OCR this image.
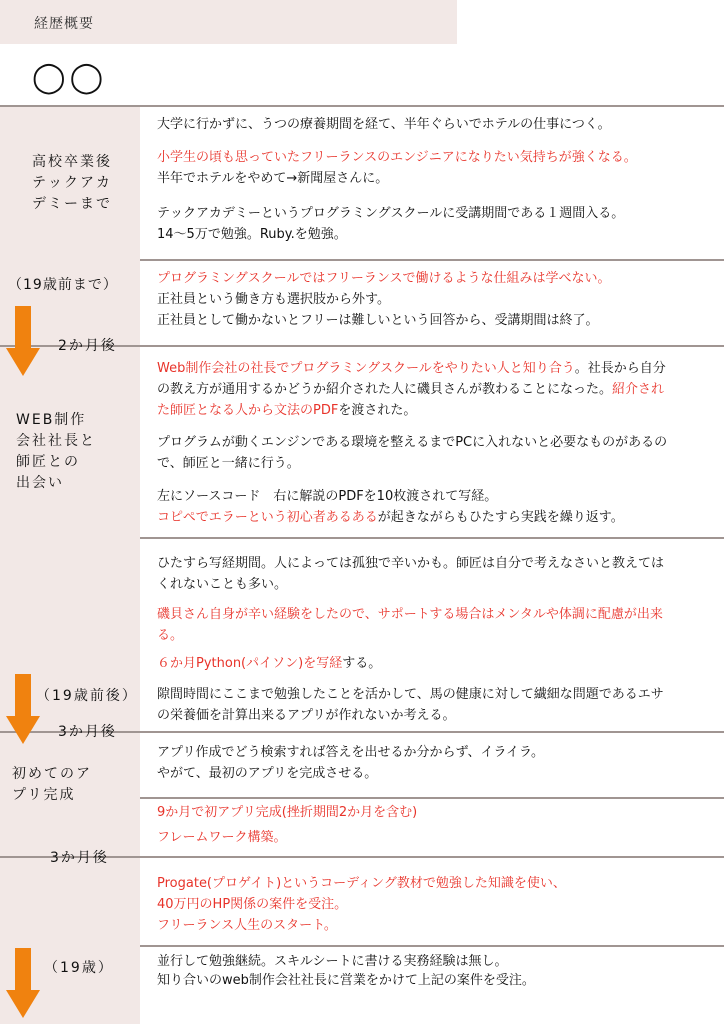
経歴概要
◯◯
高校卒業後
テックアカ
デミーまで
（19歳前まで）
2か月後
WEB制作
会社社長と
師匠との
出会い
（19歳前後）
3か月後
初めてのア
プリ完成
3か月後
（19歳）
大学に行かずに、うつの療養期間を経て、半年ぐらいでホテルの仕事につく。
小学生の頃も思っていたフリーランスのエンジニアになりたい気持ちが強くなる。半年でホテルをやめて→新聞屋さんに。
テックアカデミーというプログラミングスクールに受講期間である１週間入る。14〜5万で勉強。Ruby.を勉強。
プログラミングスクールではフリーランスで働けるような仕組みは学べない。
正社員という働き方も選択肢から外す。
正社員として働かないとフリーは難しいという回答から、受講期間は終了。
Web制作会社の社長でプログラミングスクールをやりたい人と知り合う。社長から自分の教え方が通用するかどうか紹介された人に磯貝さんが教わることになった。紹介された師匠となる人から文法のPDFを渡された。
プログラムが動くエンジンである環境を整えるまでPCに入れないと必要なものがあるので、師匠と一緒に行う。
左にソースコード　右に解説のPDFを10枚渡されて写経。
コピペでエラーという初心者あるあるが起きながらもひたすら実践を繰り返す。
ひたすら写経期間。人によっては孤独で辛いかも。師匠は自分で考えなさいと教えてはくれないことも多い。
磯貝さん自身が辛い経験をしたので、サポートする場合はメンタルや体調に配慮が出来る。
６か月Python(パイソン)を写経する。
隙間時間にここまで勉強したことを活かして、馬の健康に対して繊細な問題であるエサの栄養価を計算出来るアプリが作れないか考える。
アプリ作成でどう検索すれば答えを出せるか分からず、イライラ。
やがて、最初のアプリを完成させる。
9か月で初アプリ完成(挫折期間2か月を含む)
フレームワーク構築。
Progate(プロゲイト)というコーディング教材で勉強した知識を使い、
40万円のHP関係の案件を受注。
フリーランス人生のスタート。
並行して勉強継続。スキルシートに書ける実務経験は無し。
知り合いのweb制作会社社長に営業をかけて上記の案件を受注。
